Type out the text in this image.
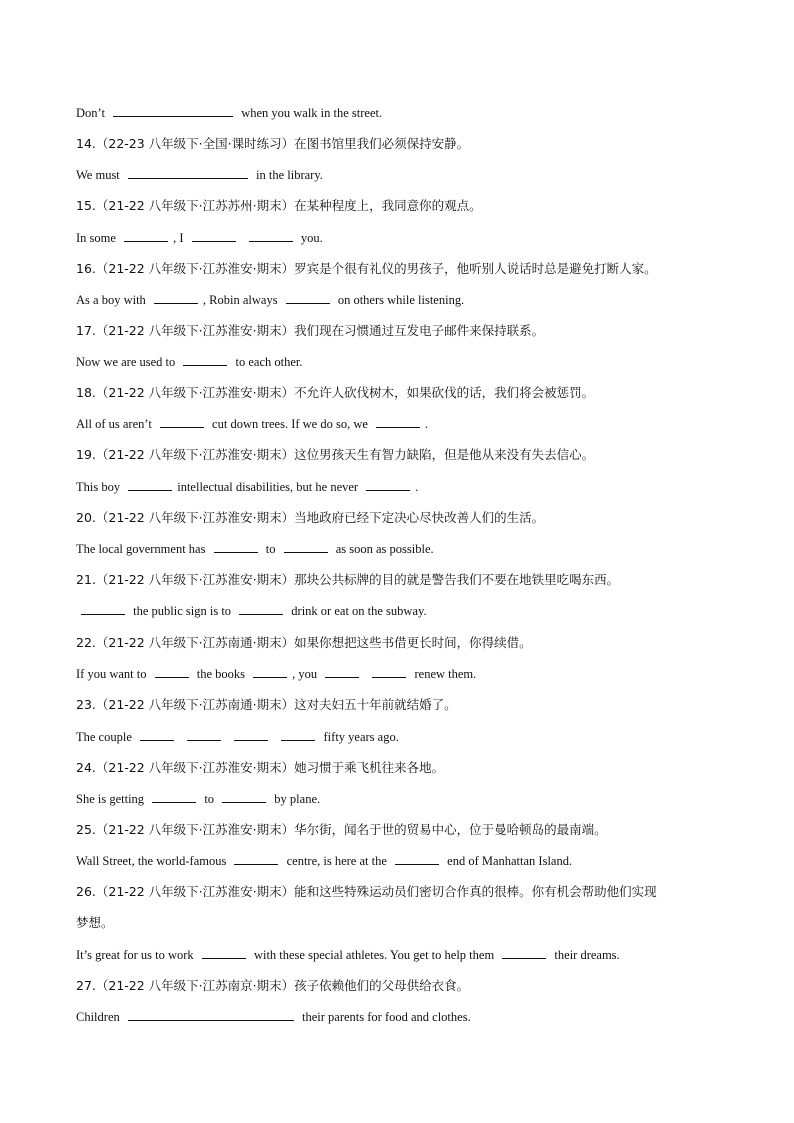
Don’t	when you walk in the street.
14.（22-23 八年级下·全国·课时练习）在图书馆里我们必须保持安静。
We must	in the library.
15.（21-22 八年级下·江苏苏州·期末）在某种程度上，我同意你的观点。
In some	, I	you.
16.（21-22 八年级下·江苏淮安·期末）罗宾是个很有礼仪的男孩子，他听别人说话时总是避免打断人家。
As a boy with	, Robin always	on others while listening.
17.（21-22 八年级下·江苏淮安·期末）我们现在习惯通过互发电子邮件来保持联系。
Now we are used to	to each other.
18.（21-22 八年级下·江苏淮安·期末）不允许人砍伐树木，如果砍伐的话，我们将会被惩罚。
All of us aren’t	cut down trees. If we do so, we	.
19.（21-22 八年级下·江苏淮安·期末）这位男孩天生有智力缺陷，但是他从来没有失去信心。
This boy	intellectual disabilities, but he never	.
20.（21-22 八年级下·江苏淮安·期末）当地政府已经下定决心尽快改善人们的生活。
The local government has	to	as soon as possible.
21.（21-22 八年级下·江苏淮安·期末）那块公共标牌的目的就是警告我们不要在地铁里吃喝东西。
the public sign is to	drink or eat on the subway.
22.（21-22 八年级下·江苏南通·期末）如果你想把这些书借更长时间，你得续借。
If you want to	the books	, you	renew them.
23.（21-22 八年级下·江苏南通·期末）这对夫妇五十年前就结婚了。
The couple	fifty years ago.
24.（21-22 八年级下·江苏淮安·期末）她习惯于乘飞机往来各地。
She is getting	to	by plane.
25.（21-22 八年级下·江苏淮安·期末）华尔街，闻名于世的贸易中心，位于曼哈顿岛的最南端。
Wall Street, the world-famous	centre, is here at the	end of Manhattan Island.
26.（21-22 八年级下·江苏淮安·期末）能和这些特殊运动员们密切合作真的很棒。你有机会帮助他们实现
梦想。
It’s great for us to work	with these special athletes. You get to help them	their dreams.
27.（21-22 八年级下·江苏南京·期末）孩子依赖他们的父母供给衣食。
Children	their parents for food and clothes.
